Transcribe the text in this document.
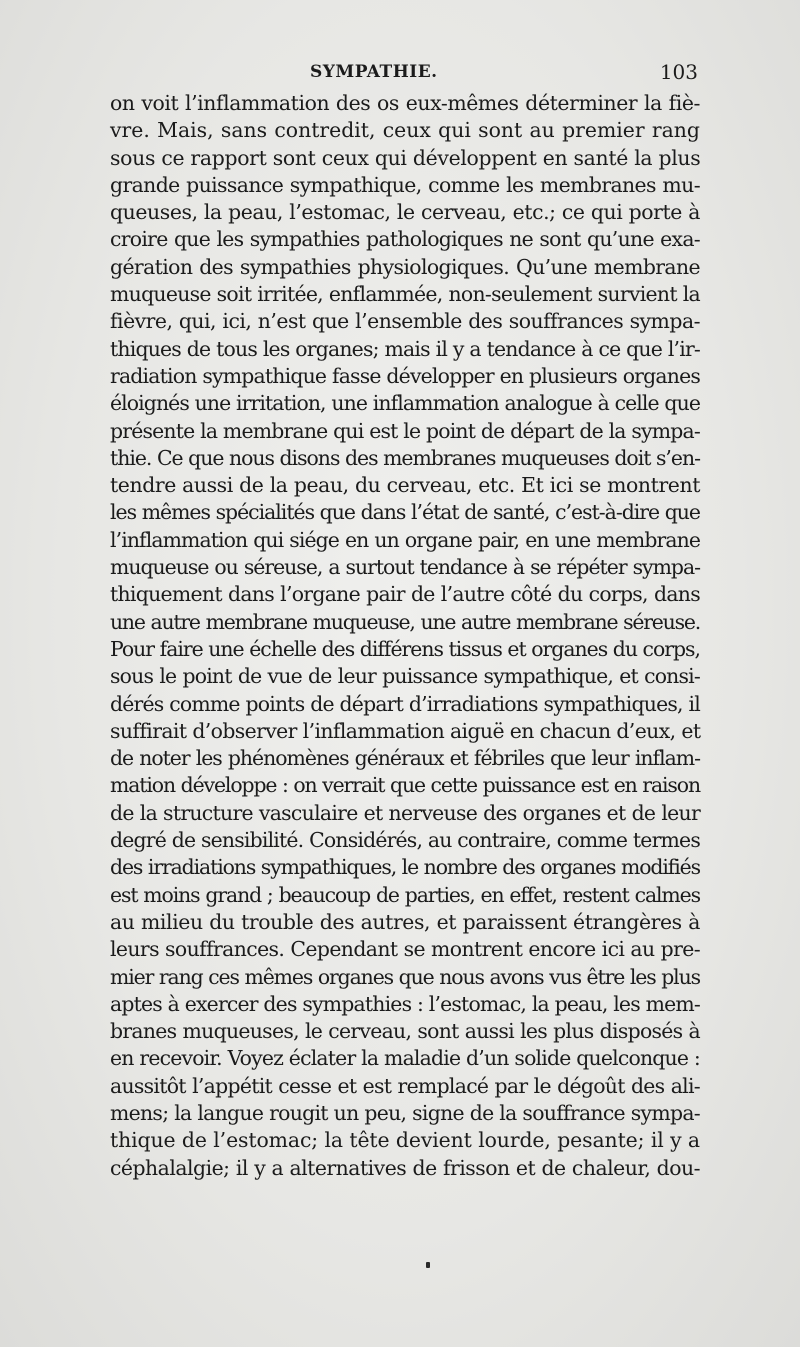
SYMPATHIE.	103
on voit l’inflammation des os eux-mêmes déterminer la fiè-
vre. Mais, sans contredit, ceux qui sont au premier rang
sous ce rapport sont ceux qui développent en santé la plus
grande puissance sympathique, comme les membranes mu-
queuses, la peau, l’estomac, le cerveau, etc.; ce qui porte à
croire que les sympathies pathologiques ne sont qu’une exa-
gération des sympathies physiologiques. Qu’une membrane
muqueuse soit irritée, enflammée, non-seulement survient la
fièvre, qui, ici, n’est que l’ensemble des souffrances sympa-
thiques de tous les organes; mais il y a tendance à ce que l’ir-
radiation sympathique fasse développer en plusieurs organes
éloignés une irritation, une inflammation analogue à celle que
présente la membrane qui est le point de départ de la sympa-
thie. Ce que nous disons des membranes muqueuses doit s’en-
tendre aussi de la peau, du cerveau, etc. Et ici se montrent
les mêmes spécialités que dans l’état de santé, c’est-à-dire que
l’inflammation qui siége en un organe pair, en une membrane
muqueuse ou séreuse, a surtout tendance à se répéter sympa-
thiquement dans l’organe pair de l’autre côté du corps, dans
une autre membrane muqueuse, une autre membrane séreuse.
Pour faire une échelle des différens tissus et organes du corps,
sous le point de vue de leur puissance sympathique, et consi-
dérés comme points de départ d’irradiations sympathiques, il
suffirait d’observer l’inflammation aiguë en chacun d’eux, et
de noter les phénomènes généraux et fébriles que leur inflam-
mation développe : on verrait que cette puissance est en raison
de la structure vasculaire et nerveuse des organes et de leur
degré de sensibilité. Considérés, au contraire, comme termes
des irradiations sympathiques, le nombre des organes modifiés
est moins grand ; beaucoup de parties, en effet, restent calmes
au milieu du trouble des autres, et paraissent étrangères à
leurs souffrances. Cependant se montrent encore ici au pre-
mier rang ces mêmes organes que nous avons vus être les plus
aptes à exercer des sympathies : l’estomac, la peau, les mem-
branes muqueuses, le cerveau, sont aussi les plus disposés à
en recevoir. Voyez éclater la maladie d’un solide quelconque :
aussitôt l’appétit cesse et est remplacé par le dégoût des ali-
mens; la langue rougit un peu, signe de la souffrance sympa-
thique de l’estomac; la tête devient lourde, pesante; il y a
céphalalgie; il y a alternatives de frisson et de chaleur, dou-
